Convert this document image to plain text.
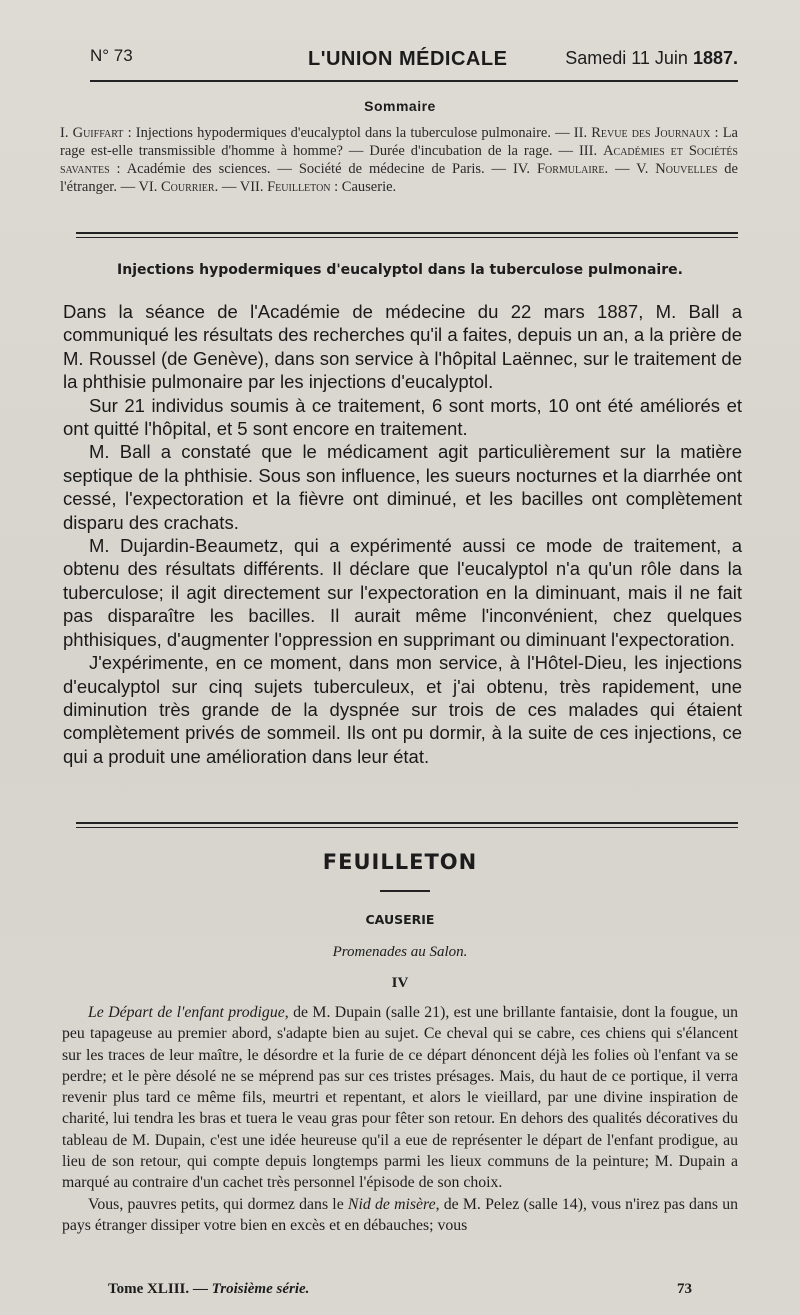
N° 73	L'UNION MÉDICALE	Samedi 11 Juin 1887.
Sommaire
I. Guiffart : Injections hypodermiques d'eucalyptol dans la tuberculose pulmonaire. — II. Revue des Journaux : La rage est-elle transmissible d'homme à homme? — Durée d'incubation de la rage. — III. Académies et Sociétés savantes : Académie des sciences. — Société de médecine de Paris. — IV. Formulaire. — V. Nouvelles de l'étranger. — VI. Courrier. — VII. Feuilleton : Causerie.
Injections hypodermiques d'eucalyptol dans la tuberculose pulmonaire.

Dans la séance de l'Académie de médecine du 22 mars 1887, M. Ball a communiqué les résultats des recherches qu'il a faites, depuis un an, a la prière de M. Roussel (de Genève), dans son service à l'hôpital Laënnec, sur le traitement de la phthisie pulmonaire par les injections d'eucalyptol.

Sur 21 individus soumis à ce traitement, 6 sont morts, 10 ont été améliorés et ont quitté l'hôpital, et 5 sont encore en traitement.

M. Ball a constaté que le médicament agit particulièrement sur la matière septique de la phthisie. Sous son influence, les sueurs nocturnes et la diarrhée ont cessé, l'expectoration et la fièvre ont diminué, et les bacilles ont complètement disparu des crachats.

M. Dujardin-Beaumetz, qui a expérimenté aussi ce mode de traitement, a obtenu des résultats différents. Il déclare que l'eucalyptol n'a qu'un rôle dans la tuberculose; il agit directement sur l'expectoration en la diminuant, mais il ne fait pas disparaître les bacilles. Il aurait même l'inconvénient, chez quelques phthisiques, d'augmenter l'oppression en supprimant ou diminuant l'expectoration.

J'expérimente, en ce moment, dans mon service, à l'Hôtel-Dieu, les injections d'eucalyptol sur cinq sujets tuberculeux, et j'ai obtenu, très rapidement, une diminution très grande de la dyspnée sur trois de ces malades qui étaient complètement privés de sommeil. Ils ont pu dormir, à la suite de ces injections, ce qui a produit une amélioration dans leur état.

FEUILLETON
CAUSERIE
Promenades au Salon.
IV

Le Départ de l'enfant prodigue, de M. Dupain (salle 21), est une brillante fantaisie, dont la fougue, un peu tapageuse au premier abord, s'adapte bien au sujet. Ce cheval qui se cabre, ces chiens qui s'élancent sur les traces de leur maître, le désordre et la furie de ce départ dénoncent déjà les folies où l'enfant va se perdre; et le père désolé ne se méprend pas sur ces tristes présages. Mais, du haut de ce portique, il verra revenir plus tard ce même fils, meurtri et repentant, et alors le vieillard, par une divine inspiration de charité, lui tendra les bras et tuera le veau gras pour fêter son retour. En dehors des qualités décoratives du tableau de M. Dupain, c'est une idée heureuse qu'il a eue de représenter le départ de l'enfant prodigue, au lieu de son retour, qui compte depuis longtemps parmi les lieux communs de la peinture; M. Dupain a marqué au contraire d'un cachet très personnel l'épisode de son choix.

Vous, pauvres petits, qui dormez dans le Nid de misère, de M. Pelez (salle 14), vous n'irez pas dans un pays étranger dissiper votre bien en excès et en débauches; vous

Tome XLIII. — Troisième série.	73
